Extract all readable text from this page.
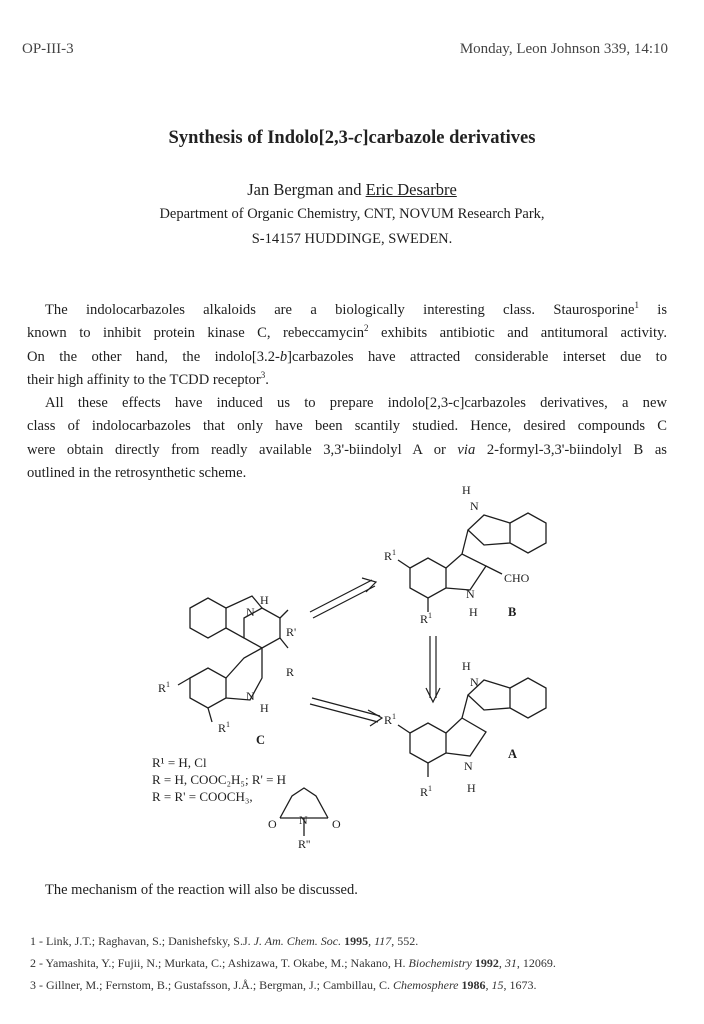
OP-III-3	Monday, Leon Johnson 339, 14:10
Synthesis of Indolo[2,3-c]carbazole derivatives
Jan Bergman and Eric Desarbre
Department of Organic Chemistry, CNT, NOVUM Research Park,
S-14157 HUDDINGE, SWEDEN.
The indolocarbazoles alkaloids are a biologically interesting class. Staurosporine$^1$ is
known to inhibit protein kinase C, rebeccamycin$^2$ exhibits antibiotic and antitumoral activity.
On the other hand, the indolo[3.2-b]carbazoles have attracted considerable interset due to
their high affinity to the TCDD receptor$^3$.
All these effects have induced us to prepare indolo[2,3-c]carbazoles derivatives, a new
class of indolocarbazoles that only have been scantily studied. Hence, desired compounds C
were obtain directly from readly available 3,3'-biindolyl A or via 2-formyl-3,3'-biindolyl B as
outlined in the retrosynthetic scheme.
H
N
$R^1$
CHO
N
H
$R^1$	B
H
N
$R^1$
A
N
H
$R^1$
N
H
R'
R
$R^1$
N
H
$R^1$
C
O	O
N
R''
R¹ = H, Cl
R = H, COOC₂H₅; R' = H
R = R' = COOCH₃,
The mechanism of the reaction will also be discussed.
1 - Link, J.T.; Raghavan, S.; Danishefsky, S.J. J. Am. Chem. Soc. 1995, 117, 552.
2 - Yamashita, Y.; Fujii, N.; Murkata, C.; Ashizawa, T. Okabe, M.; Nakano, H. Biochemistry 1992, 31, 12069.
3 - Gillner, M.; Fernstom, B.; Gustafsson, J.Å.; Bergman, J.; Cambillau, C. Chemosphere 1986, 15, 1673.
